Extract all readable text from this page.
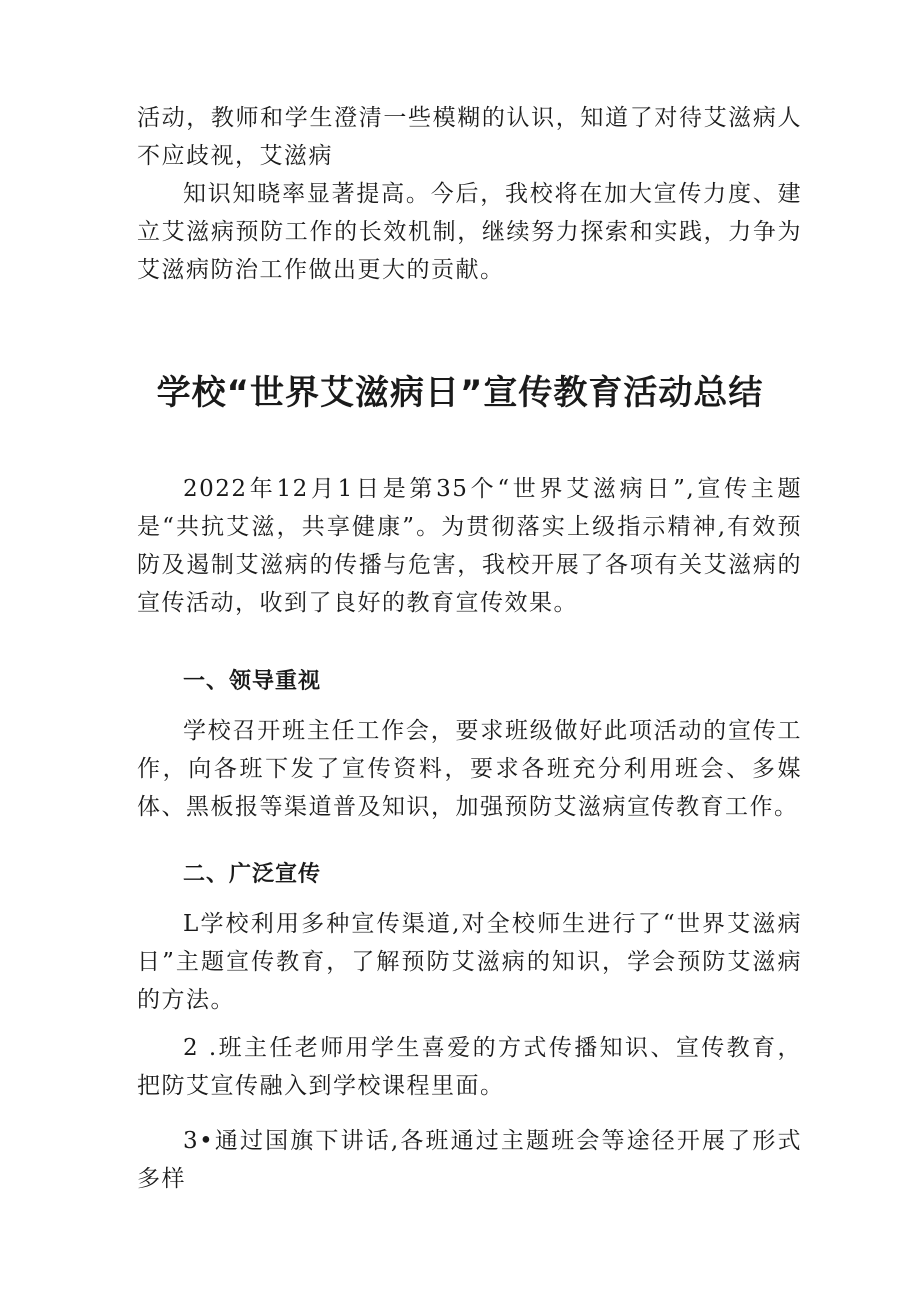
活动，教师和学生澄清一些模糊的认识，知道了对待艾滋病人不应歧视，艾滋病

知识知晓率显著提高。今后，我校将在加大宣传力度、建立艾滋病预防工作的长效机制，继续努力探索和实践，力争为艾滋病防治工作做出更大的贡献。

学校“世界艾滋病日”宣传教育活动总结

2022年12月1日是第35个“世界艾滋病日”,宣传主题是“共抗艾滋，共享健康”。为贯彻落实上级指示精神,有效预防及遏制艾滋病的传播与危害，我校开展了各项有关艾滋病的宣传活动，收到了良好的教育宣传效果。

一、领导重视

学校召开班主任工作会，要求班级做好此项活动的宣传工作，向各班下发了宣传资料，要求各班充分利用班会、多媒体、黑板报等渠道普及知识，加强预防艾滋病宣传教育工作。

二、广泛宣传

L学校利用多种宣传渠道,对全校师生进行了“世界艾滋病日”主题宣传教育，了解预防艾滋病的知识，学会预防艾滋病的方法。

2 .班主任老师用学生喜爱的方式传播知识、宣传教育，把防艾宣传融入到学校课程里面。

3•通过国旗下讲话,各班通过主题班会等途径开展了形式多样
